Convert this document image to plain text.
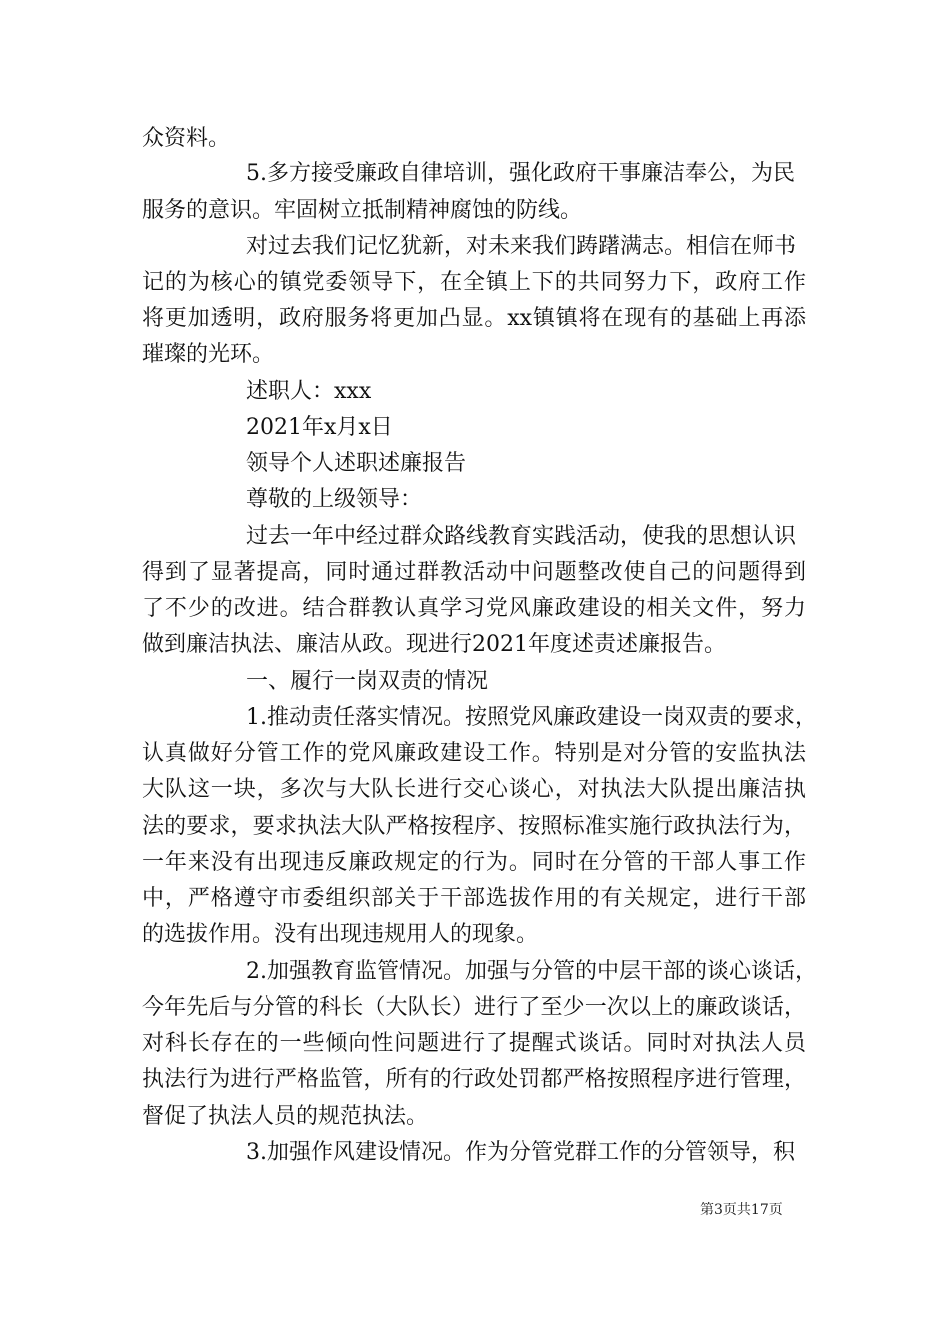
众资料。

5.多方接受廉政自律培训，强化政府干事廉洁奉公，为民

服务的意识。牢固树立抵制精神腐蚀的防线。

对过去我们记忆犹新，对未来我们踌躇满志。相信在师书

记的为核心的镇党委领导下，在全镇上下的共同努力下，政府工作

将更加透明，政府服务将更加凸显。xx镇镇将在现有的基础上再添

璀璨的光环。

述职人：xxx

2021年x月x日

领导个人述职述廉报告

尊敬的上级领导：

过去一年中经过群众路线教育实践活动，使我的思想认识

得到了显著提高，同时通过群教活动中问题整改使自己的问题得到

了不少的改进。结合群教认真学习党风廉政建设的相关文件，努力

做到廉洁执法、廉洁从政。现进行2021年度述责述廉报告。

一、履行一岗双责的情况

1.推动责任落实情况。按照党风廉政建设一岗双责的要求，

认真做好分管工作的党风廉政建设工作。特别是对分管的安监执法

大队这一块，多次与大队长进行交心谈心，对执法大队提出廉洁执

法的要求，要求执法大队严格按程序、按照标准实施行政执法行为，

一年来没有出现违反廉政规定的行为。同时在分管的干部人事工作

中，严格遵守市委组织部关于干部选拔作用的有关规定，进行干部

的选拔作用。没有出现违规用人的现象。

2.加强教育监管情况。加强与分管的中层干部的谈心谈话，

今年先后与分管的科长（大队长）进行了至少一次以上的廉政谈话，

对科长存在的一些倾向性问题进行了提醒式谈话。同时对执法人员

执法行为进行严格监管，所有的行政处罚都严格按照程序进行管理，

督促了执法人员的规范执法。

3.加强作风建设情况。作为分管党群工作的分管领导，积

第3页共17页
